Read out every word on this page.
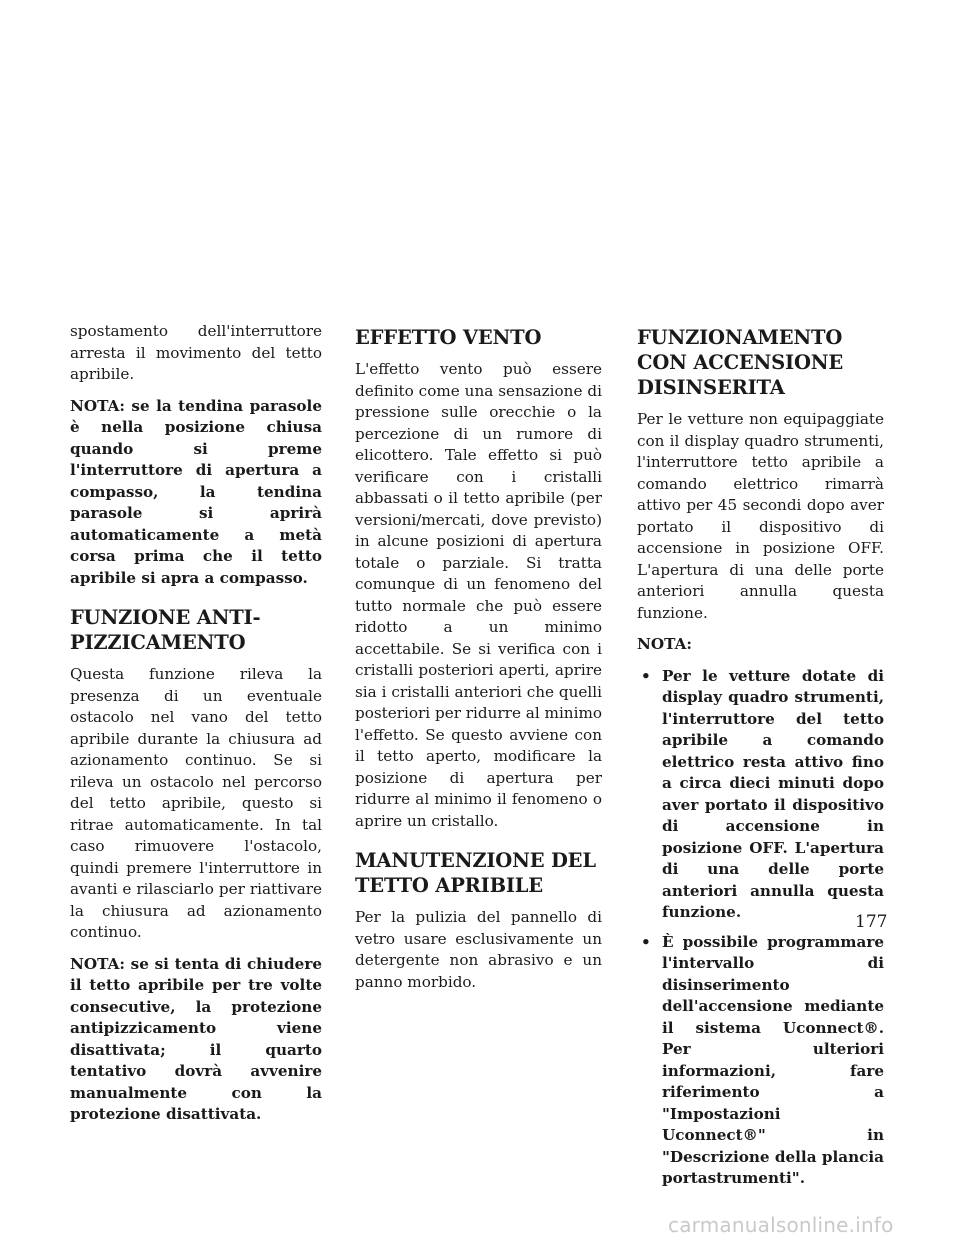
spostamento dell'interruttore arresta il movimento del tetto apribile.

NOTA: se la tendina parasole è nella posizione chiusa quando si preme l'interruttore di apertura a compasso, la tendina parasole si aprirà automaticamente a metà corsa prima che il tetto apribile si apra a compasso.

FUNZIONE ANTI- PIZZICAMENTO

Questa funzione rileva la presenza di un eventuale ostacolo nel vano del tetto apribile durante la chiusura ad azionamento continuo. Se si rileva un ostacolo nel percorso del tetto apribile, questo si ritrae automaticamente. In tal caso rimuovere l'ostacolo, quindi premere l'interruttore in avanti e rilasciarlo per riattivare la chiusura ad azionamento continuo.

NOTA: se si tenta di chiudere il tetto apribile per tre volte consecutive, la protezione antipizzicamento viene disattivata; il quarto tentativo dovrà avvenire manualmente con la protezione disattivata.

EFFETTO VENTO

L'effetto vento può essere definito come una sensazione di pressione sulle orecchie o la percezione di un rumore di elicottero. Tale effetto si può verificare con i cristalli abbassati o il tetto apribile (per versioni/mercati, dove previsto) in alcune posizioni di apertura totale o parziale. Si tratta comunque di un fenomeno del tutto normale che può essere ridotto a un minimo accettabile. Se si verifica con i cristalli posteriori aperti, aprire sia i cristalli anteriori che quelli posteriori per ridurre al minimo l'effetto. Se questo avviene con il tetto aperto, modificare la posizione di apertura per ridurre al minimo il fenomeno o aprire un cristallo.

MANUTENZIONE DEL TETTO APRIBILE

Per la pulizia del pannello di vetro usare esclusivamente un detergente non abrasivo e un panno morbido.

FUNZIONAMENTO CON ACCENSIONE DISINSERITA

Per le vetture non equipaggiate con il display quadro strumenti, l'interruttore tetto apribile a comando elettrico rimarrà attivo per 45 secondi dopo aver portato il dispositivo di accensione in posizione OFF. L'apertura di una delle porte anteriori annulla questa funzione.

NOTA:

• Per le vetture dotate di display quadro strumenti, l'interruttore del tetto apribile a comando elettrico resta attivo fino a circa dieci minuti dopo aver portato il dispositivo di accensione in posizione OFF. L'apertura di una delle porte anteriori annulla questa funzione.
• È possibile programmare l'intervallo di disinserimento dell'accensione mediante il sistema Uconnect®. Per ulteriori informazioni, fare riferimento a "Impostazioni Uconnect®" in "Descrizione della plancia portastrumenti".
177
carmanualsonline.info
